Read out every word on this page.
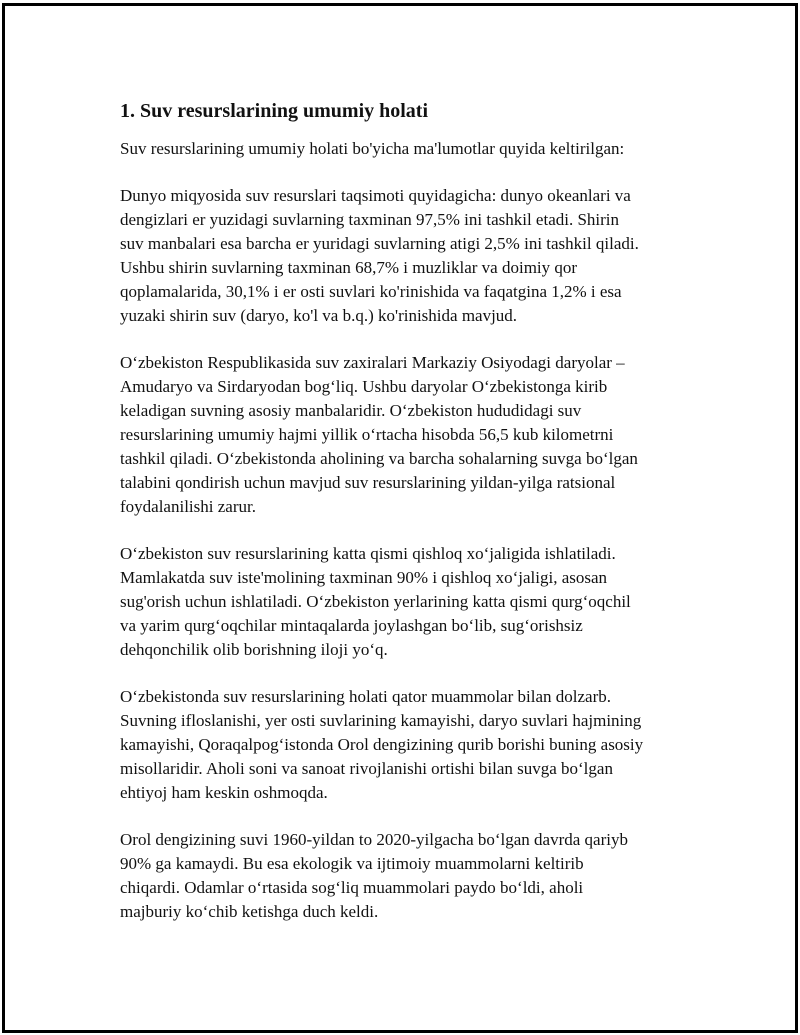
1. Suv resurslarining umumiy holati

Suv resurslarining umumiy holati bo'yicha ma'lumotlar quyida keltirilgan:

Dunyo miqyosida suv resurslari taqsimoti quyidagicha: dunyo okeanlari va
dengizlari er yuzidagi suvlarning taxminan 97,5% ini tashkil etadi. Shirin
suv manbalari esa barcha er yuridagi suvlarning atigi 2,5% ini tashkil qiladi.
Ushbu shirin suvlarning taxminan 68,7% i muzliklar va doimiy qor
qoplamalarida, 30,1% i er osti suvlari ko'rinishida va faqatgina 1,2% i esa
yuzaki shirin suv (daryo, ko'l va b.q.) ko'rinishida mavjud.

O‘zbekiston Respublikasida suv zaxiralari Markaziy Osiyodagi daryolar –
Amudaryo va Sirdaryodan bog‘liq. Ushbu daryolar O‘zbekistonga kirib
keladigan suvning asosiy manbalaridir. O‘zbekiston hududidagi suv
resurslarining umumiy hajmi yillik o‘rtacha hisobda 56,5 kub kilometrni
tashkil qiladi. O‘zbekistonda aholining va barcha sohalarning suvga bo‘lgan
talabini qondirish uchun mavjud suv resurslarining yildan-yilga ratsional
foydalanilishi zarur.

O‘zbekiston suv resurslarining katta qismi qishloq xo‘jaligida ishlatiladi.
Mamlakatda suv iste'molining taxminan 90% i qishloq xo‘jaligi, asosan
sug'orish uchun ishlatiladi. O‘zbekiston yerlarining katta qismi qurg‘oqchil
va yarim qurg‘oqchilar mintaqalarda joylashgan bo‘lib, sug‘orishsiz
dehqonchilik olib borishning iloji yo‘q.

O‘zbekistonda suv resurslarining holati qator muammolar bilan dolzarb.
Suvning ifloslanishi, yer osti suvlarining kamayishi, daryo suvlari hajmining
kamayishi, Qoraqalpog‘istonda Orol dengizining qurib borishi buning asosiy
misollaridir. Aholi soni va sanoat rivojlanishi ortishi bilan suvga bo‘lgan
ehtiyoj ham keskin oshmoqda.

Orol dengizining suvi 1960-yildan to 2020-yilgacha bo‘lgan davrda qariyb
90% ga kamaydi. Bu esa ekologik va ijtimoiy muammolarni keltirib
chiqardi. Odamlar o‘rtasida sog‘liq muammolari paydo bo‘ldi, aholi
majburiy ko‘chib ketishga duch keldi.
